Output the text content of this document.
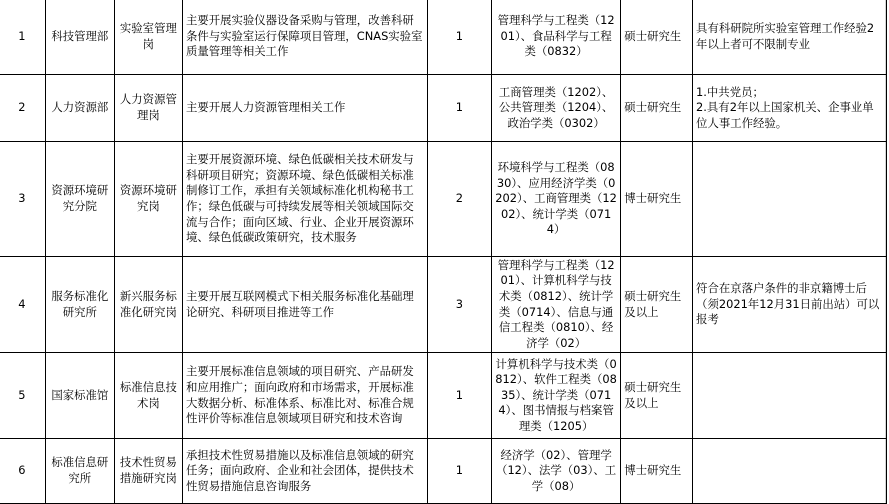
1	科技管理部	实验室管理岗	主要开展实验仪器设备采购与管理，改善科研条件与实验室运行保障项目管理，CNAS实验室质量管理等相关工作	1	管理科学与工程类（1201）、食品科学与工程类（0832）	硕士研究生	具有科研院所实验室管理工作经验2年以上者可不限制专业
2	人力资源部	人力资源管理岗	主要开展人力资源管理相关工作	1	工商管理类（1202）、公共管理类（1204）、政治学类（0302）	硕士研究生	1.中共党员；
2.具有2年以上国家机关、企事业单位人事工作经验。
3	资源环境研究分院	资源环境研究岗	主要开展资源环境、绿色低碳相关技术研发与科研项目研究；资源环境、绿色低碳相关标准制修订工作，承担有关领域标准化机构秘书工作；绿色低碳与可持续发展等相关领域国际交流与合作；面向区域、行业、企业开展资源环境、绿色低碳政策研究，技术服务	2	环境科学与工程类（0830）、应用经济学类（0202）、工商管理类（1202）、统计学类（0714）	博士研究生	
4	服务标准化研究所	新兴服务标准化研究岗	主要开展互联网模式下相关服务标准化基础理论研究、科研项目推进等工作	3	管理科学与工程类（1201）、计算机科学与技术类（0812）、统计学类（0714）、信息与通信工程类（0810）、经济学（02）	硕士研究生及以上	符合在京落户条件的非京籍博士后（须2021年12月31日前出站）可以报考
5	国家标准馆	标准信息技术岗	主要开展标准信息领域的项目研究、产品研发和应用推广；面向政府和市场需求，开展标准大数据分析、标准体系、标准比对、标准合规性评价等标准信息领域项目研究和技术咨询	1	计算机科学与技术类（0812）、软件工程类（0835）、统计学类（0714）、图书情报与档案管理类（1205）	硕士研究生及以上	
6	标准信息研究所	技术性贸易措施研究岗	承担技术性贸易措施以及标准信息领域的研究任务；面向政府、企业和社会团体，提供技术性贸易措施信息咨询服务	1	经济学（02）、管理学（12）、法学（03）、工学（08）	博士研究生	
